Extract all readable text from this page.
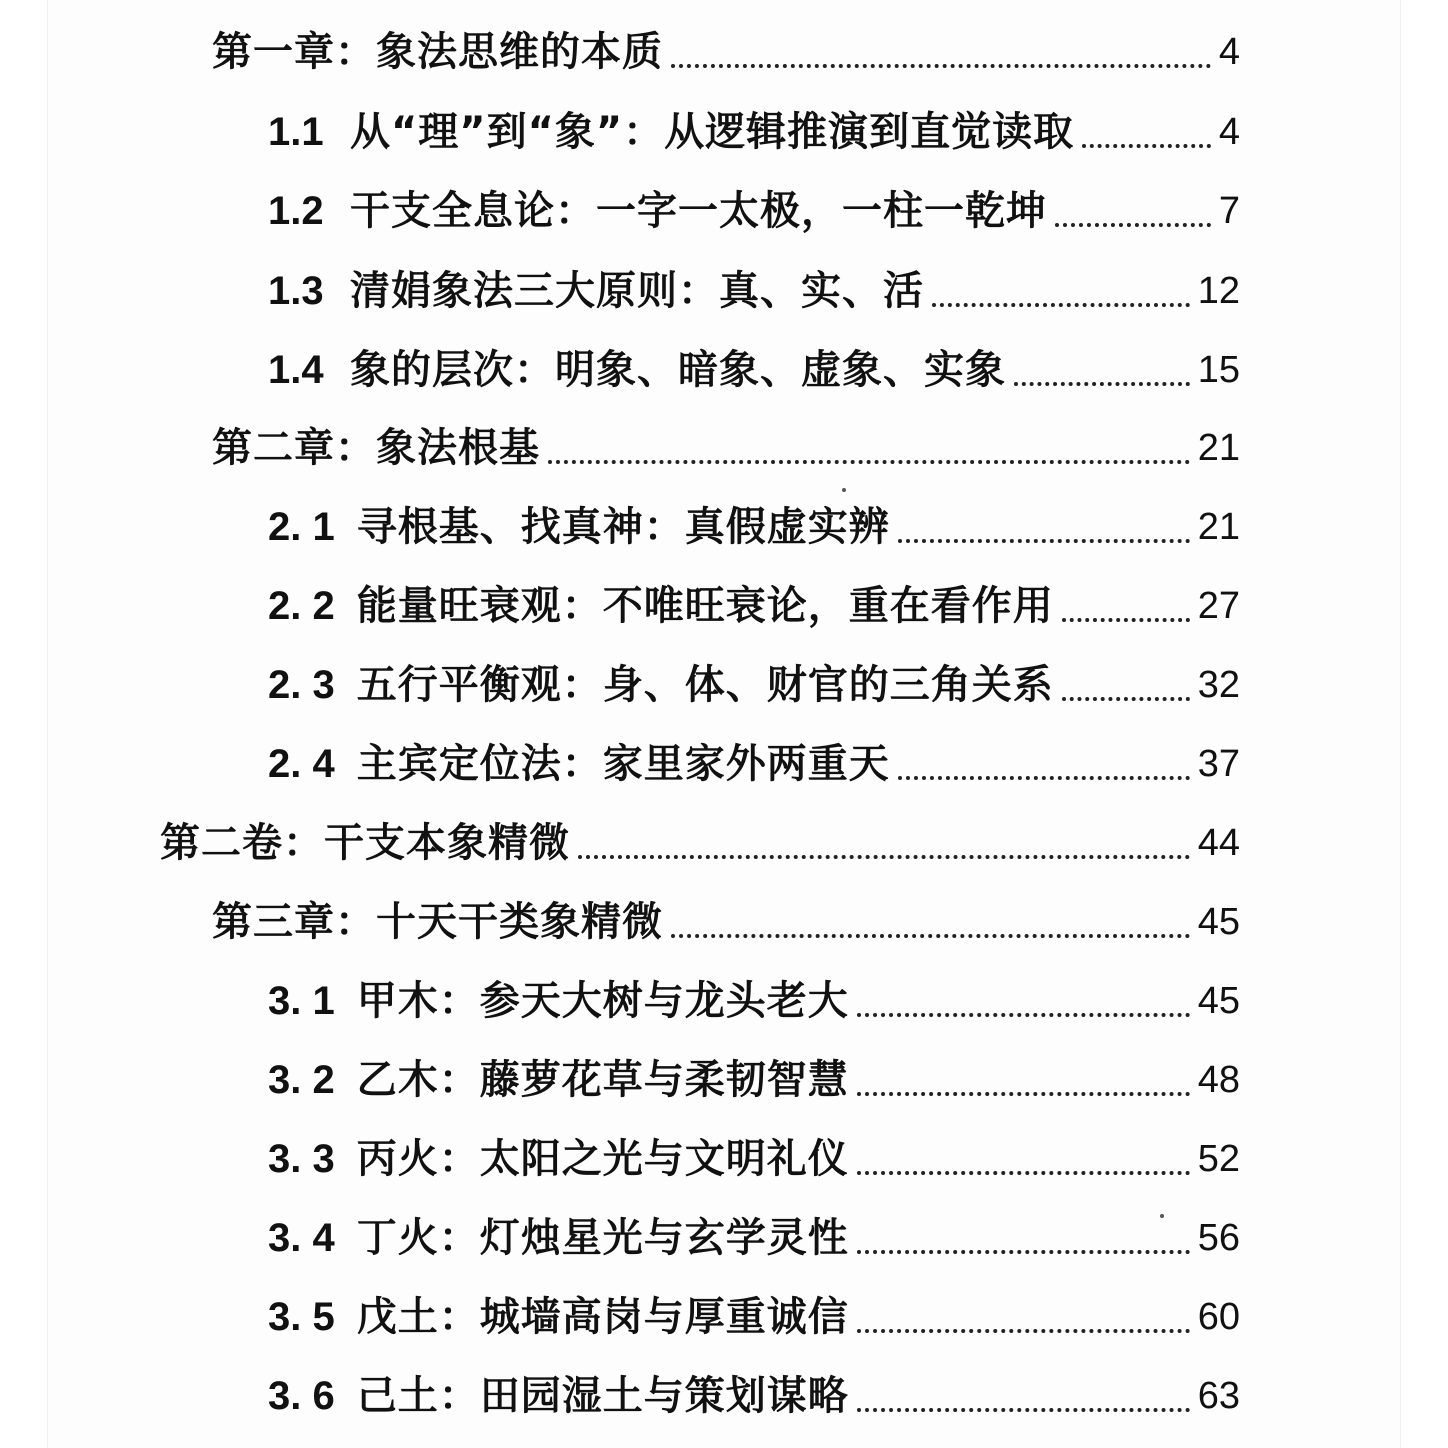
第一章：象法思维的本质	4
1.1 从“理”到“象”：从逻辑推演到直觉读取	4
1.2 干支全息论：一字一太极，一柱一乾坤	7
1.3 清娟象法三大原则：真、实、活	12
1.4 象的层次：明象、暗象、虚象、实象	15
第二章：象法根基	21
2. 1 寻根基、找真神：真假虚实辨	21
2. 2 能量旺衰观：不唯旺衰论，重在看作用	27
2. 3 五行平衡观：身、体、财官的三角关系	32
2. 4 主宾定位法：家里家外两重天	37
第二卷：干支本象精微	44
第三章：十天干类象精微	45
3. 1 甲木：参天大树与龙头老大	45
3. 2 乙木：藤萝花草与柔韧智慧	48
3. 3 丙火：太阳之光与文明礼仪	52
3. 4 丁火：灯烛星光与玄学灵性	56
3. 5 戊土：城墙高岗与厚重诚信	60
3. 6 己土：田园湿土与策划谋略	63
